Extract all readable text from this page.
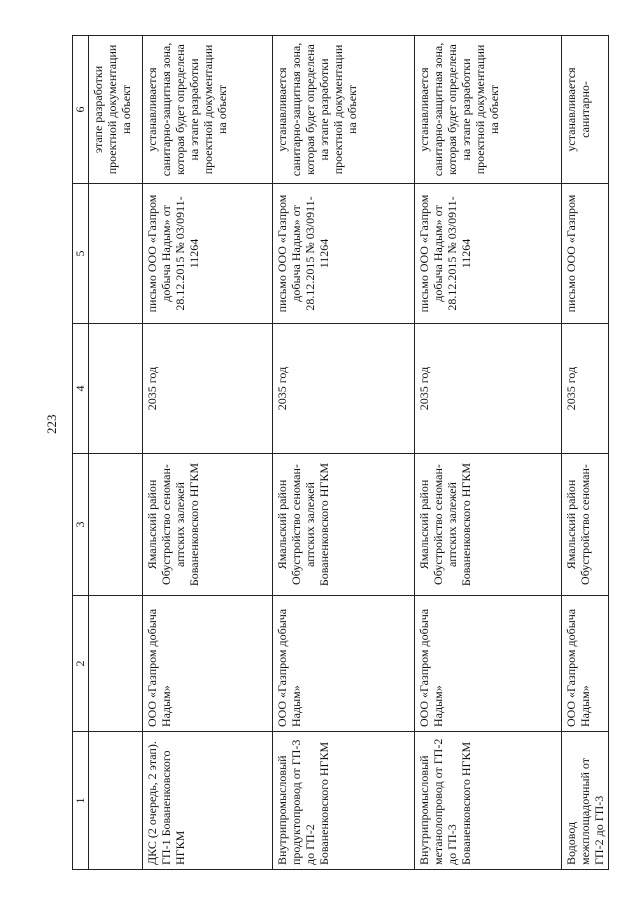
223
1	2	3	4	5	6
					этапе разработки проектной документации на объект
ДКС (2 очередь, 2 этап). ГП-1 Бованенковского НГКМ	ООО «Газпром добыча Надым»	Ямальский район Обустройство сеноман-аптских залежей Бованенковского НГКМ	2035 год	письмо ООО «Газпром добыча Надым» от 28.12.2015 № 03/0911-11264	устанавливается санитарно-защитная зона, которая будет определена на этапе разработки проектной документации на объект
Внутрипромысловый продуктопровод от ГП-3 до ГП-2 Бованенковского НГКМ	ООО «Газпром добыча Надым»	Ямальский район Обустройство сеноман-аптских залежей Бованенковского НГКМ	2035 год	письмо ООО «Газпром добыча Надым» от 28.12.2015 № 03/0911-11264	устанавливается санитарно-защитная зона, которая будет определена на этапе разработки проектной документации на объект
Внутрипромысловый метанолопровод от ГП-2 до ГП-3 Бованенковского НГКМ	ООО «Газпром добыча Надым»	Ямальский район Обустройство сеноман-аптских залежей Бованенковского НГКМ	2035 год	письмо ООО «Газпром добыча Надым» от 28.12.2015 № 03/0911-11264	устанавливается санитарно-защитная зона, которая будет определена на этапе разработки проектной документации на объект
Водовод межплощадочный от ГП-2 до ГП-3	ООО «Газпром добыча Надым»	Ямальский район Обустройство сеноман-	2035 год	письмо ООО «Газпром	устанавливается санитарно-
